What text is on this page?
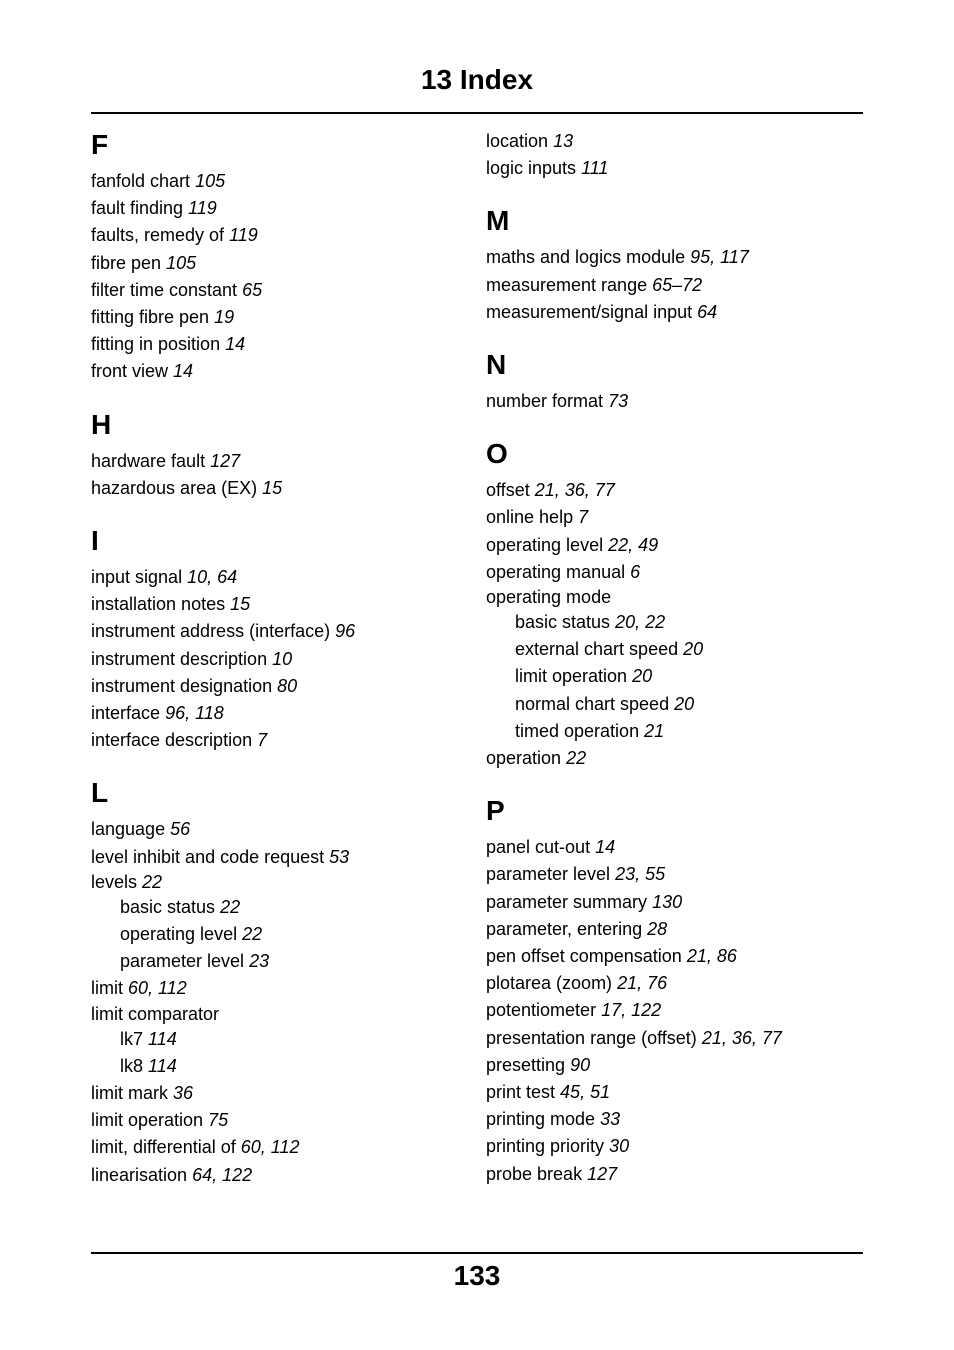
13 Index
F
fanfold chart 105
fault finding 119
faults, remedy of 119
fibre pen 105
filter time constant 65
fitting fibre pen 19
fitting in position 14
front view 14
H
hardware fault 127
hazardous area (EX) 15
I
input signal 10, 64
installation notes 15
instrument address (interface) 96
instrument description 10
instrument designation 80
interface 96, 118
interface description 7
L
language 56
level inhibit and code request 53
levels 22
basic status 22
operating level 22
parameter level 23
limit 60, 112
limit comparator
lk7 114
lk8 114
limit mark 36
limit operation 75
limit, differential of 60, 112
linearisation 64, 122
location 13
logic inputs 111
M
maths and logics module 95, 117
measurement range 65–72
measurement/signal input 64
N
number format 73
O
offset 21, 36, 77
online help 7
operating level 22, 49
operating manual 6
operating mode
basic status 20, 22
external chart speed 20
limit operation 20
normal chart speed 20
timed operation 21
operation 22
P
panel cut-out 14
parameter level 23, 55
parameter summary 130
parameter, entering 28
pen offset compensation 21, 86
plotarea (zoom) 21, 76
potentiometer 17, 122
presentation range (offset) 21, 36, 77
presetting 90
print test 45, 51
printing mode 33
printing priority 30
probe break 127
133
